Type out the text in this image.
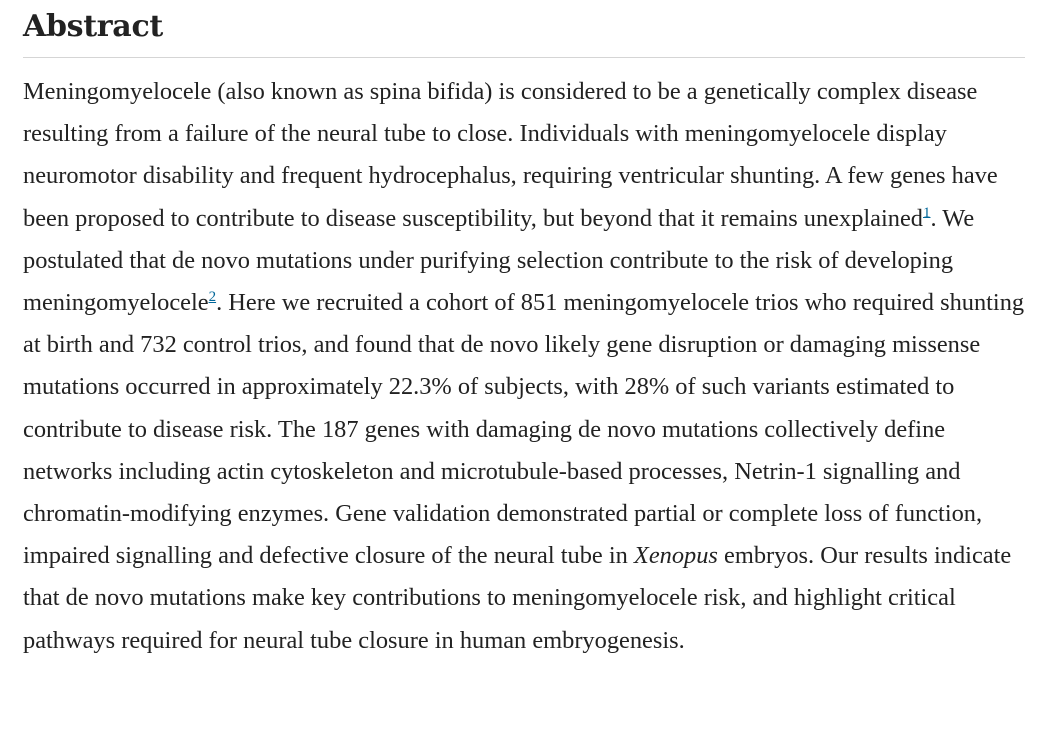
Abstract

Meningomyelocele (also known as spina bifida) is considered to be a genetically complex disease resulting from a failure of the neural tube to close. Individuals with meningomyelocele display neuromotor disability and frequent hydrocephalus, requiring ventricular shunting. A few genes have been proposed to contribute to disease susceptibility, but beyond that it remains unexplained$^1$. We postulated that de novo mutations under purifying selection contribute to the risk of developing meningomyelocele$^2$. Here we recruited a cohort of 851 meningomyelocele trios who required shunting at birth and 732 control trios, and found that de novo likely gene disruption or damaging missense mutations occurred in approximately 22.3% of subjects, with 28% of such variants estimated to contribute to disease risk. The 187 genes with damaging de novo mutations collectively define networks including actin cytoskeleton and microtubule-based processes, Netrin-1 signalling and chromatin-modifying enzymes. Gene validation demonstrated partial or complete loss of function, impaired signalling and defective closure of the neural tube in Xenopus embryos. Our results indicate that de novo mutations make key contributions to meningomyelocele risk, and highlight critical pathways required for neural tube closure in human embryogenesis.
